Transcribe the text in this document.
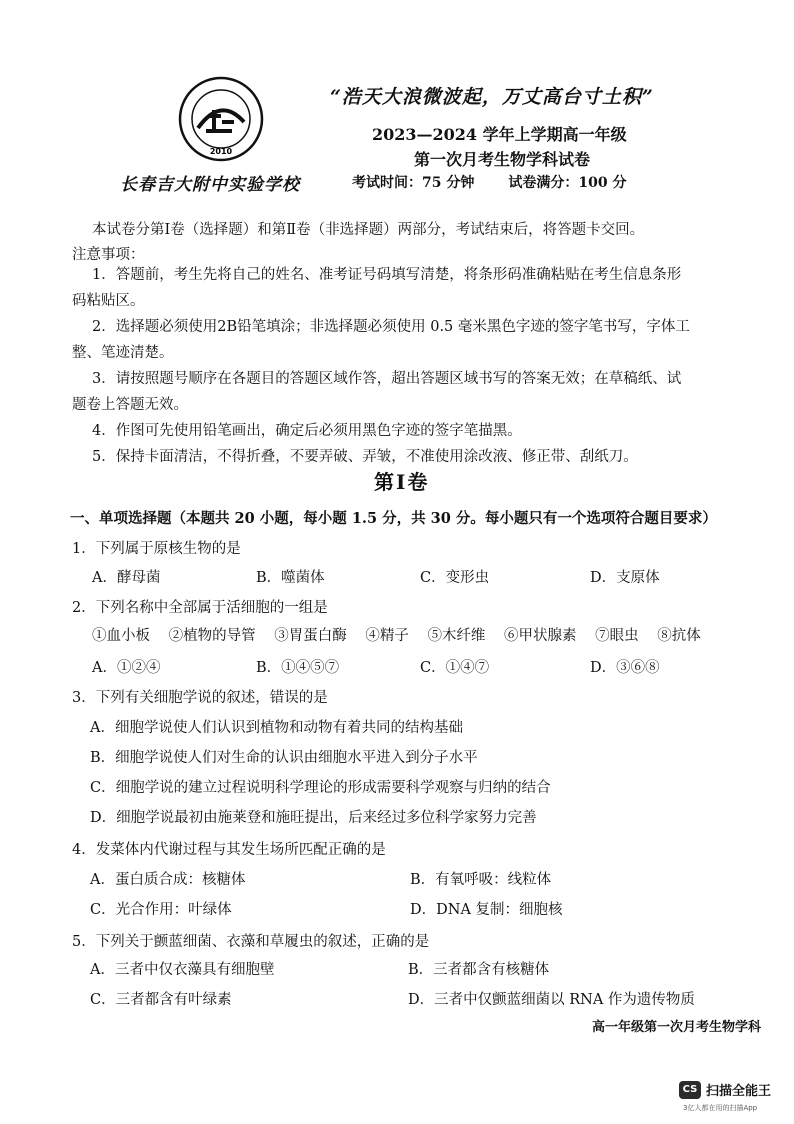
2010
长春吉大附中实验学校
“浩天大浪微波起，万丈高台寸土积”
2023—2024 学年上学期高一年级
第一次月考生物学科试卷
考试时间：75 分钟 试卷满分：100 分
本试卷分第Ⅰ卷（选择题）和第Ⅱ卷（非选择题）两部分，考试结束后，将答题卡交回。
注意事项：

1．答题前，考生先将自己的姓名、准考证号码填写清楚，将条形码准确粘贴在考生信息条形

码粘贴区。

2．选择题必须使用2B铅笔填涂；非选择题必须使用 0.5 毫米黑色字迹的签字笔书写，字体工

整、笔迹清楚。

3．请按照题号顺序在各题目的答题区域作答，超出答题区域书写的答案无效；在草稿纸、试

题卷上答题无效。

4．作图可先使用铅笔画出，确定后必须用黑色字迹的签字笔描黑。

5．保持卡面清洁，不得折叠，不要弄破、弄皱，不准使用涂改液、修正带、刮纸刀。

第Ⅰ卷
一、单项选择题（本题共 20 小题，每小题 1.5 分，共 30 分。每小题只有一个选项符合题目要求）
1．下列属于原核生物的是
A．酵母菌	B．噬菌体	C．变形虫	D．支原体
2．下列名称中全部属于活细胞的一组是
①血小板 ②植物的导管 ③胃蛋白酶 ④精子 ⑤木纤维 ⑥甲状腺素 ⑦眼虫 ⑧抗体
A．①②④	B．①④⑤⑦	C．①④⑦	D．③⑥⑧
3．下列有关细胞学说的叙述，错误的是
A．细胞学说使人们认识到植物和动物有着共同的结构基础
B．细胞学说使人们对生命的认识由细胞水平进入到分子水平
C．细胞学说的建立过程说明科学理论的形成需要科学观察与归纳的结合
D．细胞学说最初由施莱登和施旺提出，后来经过多位科学家努力完善
4．发菜体内代谢过程与其发生场所匹配正确的是
A．蛋白质合成：核糖体	B．有氧呼吸：线粒体
C．光合作用：叶绿体	D．DNA 复制：细胞核
5．下列关于颤蓝细菌、衣藻和草履虫的叙述，正确的是
A．三者中仅衣藻具有细胞壁	B．三者都含有核糖体
C．三者都含有叶绿素	D．三者中仅颤蓝细菌以 RNA 作为遗传物质
高一年级第一次月考生物学科
CS 扫描全能王
3亿人都在用的扫描App
